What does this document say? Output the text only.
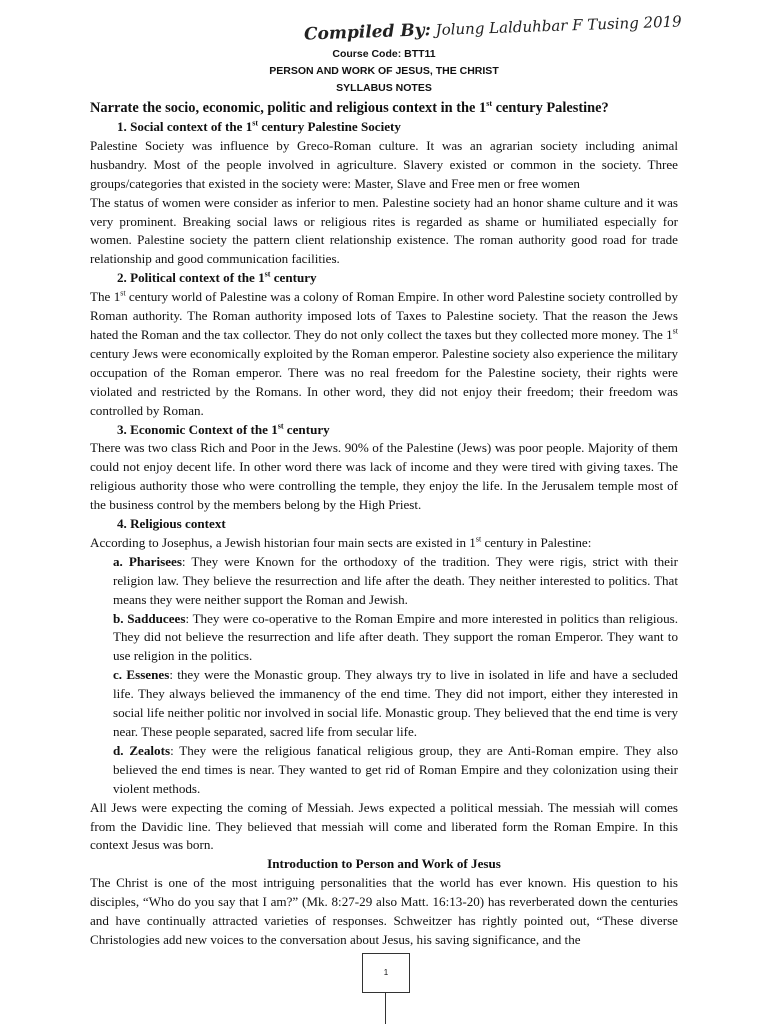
Compiled By: Jolung Lalduhbar F Tusing 2019
Course Code: BTT11
PERSON AND WORK OF JESUS, THE CHRIST
SYLLABUS NOTES

Narrate the socio, economic, politic and religious context in the 1st century Palestine?

1. Social context of the 1st century Palestine Society

Palestine Society was influence by Greco-Roman culture. It was an agrarian society including animal husbandry. Most of the people involved in agriculture. Slavery existed or common in the society. Three groups/categories that existed in the society were: Master, Slave and Free men or free women

The status of women were consider as inferior to men. Palestine society had an honor shame culture and it was very prominent. Breaking social laws or religious rites is regarded as shame or humiliated especially for women. Palestine society the pattern client relationship existence. The roman authority good road for trade relationship and good communication facilities.

2. Political context of the 1st century

The 1st century world of Palestine was a colony of Roman Empire. In other word Palestine society controlled by Roman authority. The Roman authority imposed lots of Taxes to Palestine society. That the reason the Jews hated the Roman and the tax collector. They do not only collect the taxes but they collected more money. The 1st century Jews were economically exploited by the Roman emperor. Palestine society also experience the military occupation of the Roman emperor. There was no real freedom for the Palestine society, their rights were violated and restricted by the Romans. In other word, they did not enjoy their freedom; their freedom was controlled by Roman.

3. Economic Context of the 1st century

There was two class Rich and Poor in the Jews. 90% of the Palestine (Jews) was poor people. Majority of them could not enjoy decent life. In other word there was lack of income and they were tired with giving taxes. The religious authority those who were controlling the temple, they enjoy the life. In the Jerusalem temple most of the business control by the members belong by the High Priest.

4. Religious context

According to Josephus, a Jewish historian four main sects are existed in 1st century in Palestine:

a. Pharisees: They were Known for the orthodoxy of the tradition. They were rigis, strict with their religion law. They believe the resurrection and life after the death. They neither interested to politics. That means they were neither support the Roman and Jewish.

b. Sadducees: They were co-operative to the Roman Empire and more interested in politics than religious. They did not believe the resurrection and life after death. They support the roman Emperor. They want to use religion in the politics.

c. Essenes: they were the Monastic group. They always try to live in isolated in life and have a secluded life. They always believed the immanency of the end time. They did not import, either they interested in social life neither politic nor involved in social life. Monastic group. They believed that the end time is very near. These people separated, sacred life from secular life.

d. Zealots: They were the religious fanatical religious group, they are Anti-Roman empire. They also believed the end times is near. They wanted to get rid of Roman Empire and they colonization using their violent methods.

All Jews were expecting the coming of Messiah. Jews expected a political messiah. The messiah will comes from the Davidic line. They believed that messiah will come and liberated form the Roman Empire. In this context Jesus was born.

Introduction to Person and Work of Jesus

The Christ is one of the most intriguing personalities that the world has ever known. His question to his disciples, “Who do you say that I am?” (Mk. 8:27-29 also Matt. 16:13-20) has reverberated down the centuries and have continually attracted varieties of responses. Schweitzer has rightly pointed out, “These diverse Christologies add new voices to the conversation about Jesus, his saving significance, and the

1
